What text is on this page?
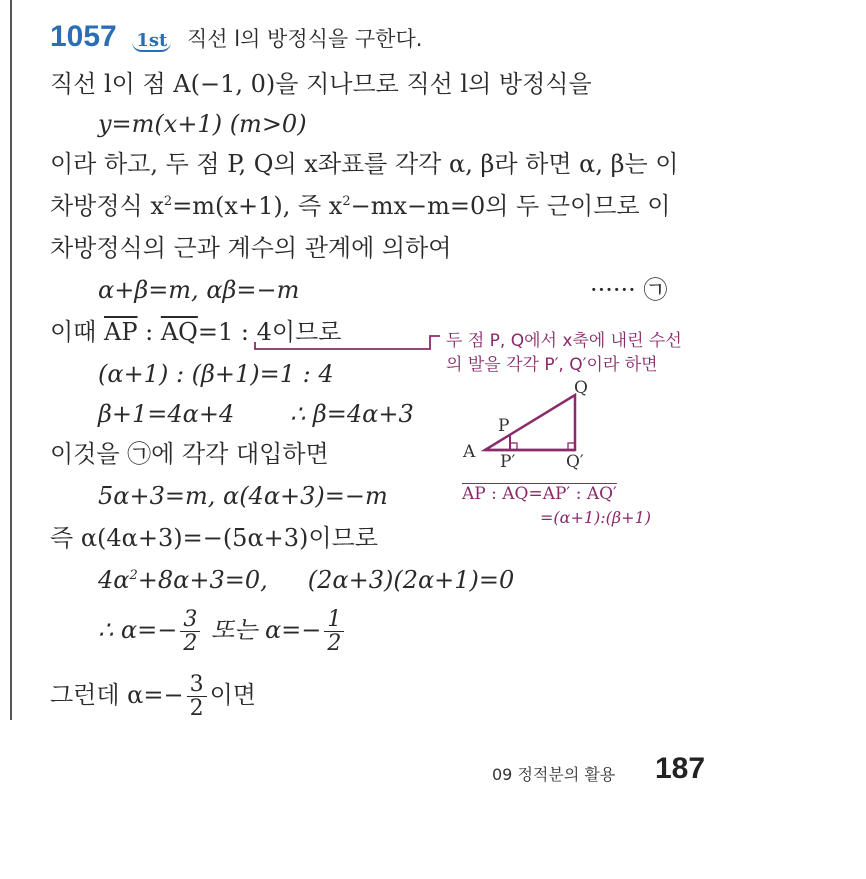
1057 1st 직선 l의 방정식을 구한다.
직선 l이 점 A(−1, 0)을 지나므로 직선 l의 방정식을
y=m(x+1) (m>0)
이라 하고, 두 점 P, Q의 x좌표를 각각 α, β라 하면 α, β는 이
차방정식 $x^2=m(x+1)$, 즉 $x^2-mx-m=0$의 두 근이므로 이
차방정식의 근과 계수의 관계에 의하여
α+β=m, αβ=−m	······ ㉠
이때 $\overline{AP}$ : $\overline{AQ}=1$ : 4이므로
(α+1) : (β+1)=1 : 4
β+1=4α+4 ∴ β=4α+3
이것을 ㉠에 각각 대입하면
5α+3=m, α(4α+3)=−m
즉 α(4α+3)=−(5α+3)이므로
$4\alpha^2+8\alpha+3=0$, (2α+3)(2α+1)=0
∴ $\alpha=- \frac{3}{2}$ 또는 $\alpha=- \frac{1}{2}$
그런데 $\alpha=- \frac{3}{2}$ 이면
두 점 P, Q에서 x축에 내린 수선
의 발을 각각 P′, Q′이라 하면
A
P
Q
P′	Q′
AP : AQ=AP′ : AQ′
=(α+1):(β+1)
09 정적분의 활용 187
